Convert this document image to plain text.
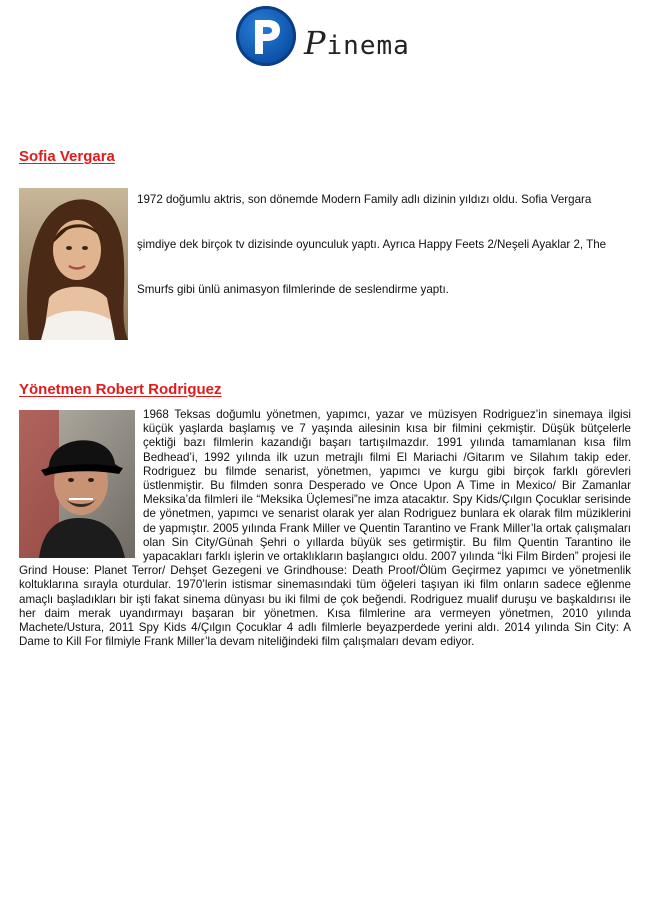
Pinema
Sofia Vergara
1972 doğumlu aktris, son dönemde Modern Family adlı dizinin yıldızı oldu. Sofia Vergara
şimdiye dek birçok tv dizisinde oyunculuk yaptı. Ayrıca Happy Feets 2/Neşeli Ayaklar 2, The
Smurfs gibi ünlü animasyon filmlerinde de seslendirme yaptı.
Yönetmen Robert Rodriguez

1968 Teksas doğumlu yönetmen, yapımcı, yazar ve müzisyen Rodriguez’in sinemaya ilgisi küçük yaşlarda başlamış ve 7 yaşında ailesinin kısa bir filmini çekmiştir. Düşük bütçelerle çektiği bazı filmlerin kazandığı başarı tartışılmazdır. 1991 yılında tamamlanan kısa film Bedhead’i, 1992 yılında ilk uzun metrajlı filmi El Mariachi /Gitarım ve Silahım takip eder. Rodriguez bu filmde senarist, yönetmen, yapımcı ve kurgu gibi birçok farklı görevleri üstlenmiştir. Bu filmden sonra Desperado ve Once Upon A Time in Mexico/ Bir Zamanlar Meksika’da filmleri ile “Meksika Üçlemesi”ne imza atacaktır. Spy Kids/Çılgın Çocuklar serisinde de yönetmen, yapımcı ve senarist olarak yer alan Rodriguez bunlara ek olarak film müziklerini de yapmıştır. 2005 yılında Frank Miller ve Quentin Tarantino ve Frank Miller’la ortak çalışmaları olan Sin City/Günah Şehri o yıllarda büyük ses getirmiştir. Bu film Quentin Tarantino ile yapacakları farklı işlerin ve ortaklıkların başlangıcı oldu. 2007 yılında “İki Film Birden” projesi ile Grind House: Planet Terror/ Dehşet Gezegeni ve Grindhouse: Death Proof/Ölüm Geçirmez yapımcı ve yönetmenlik koltuklarına sırayla oturdular. 1970’lerin istismar sinemasındaki tüm öğeleri taşıyan iki film onların sadece eğlenme amaçlı başladıkları bir işti fakat sinema dünyası bu iki filmi de çok beğendi. Rodriguez mualif duruşu ve başkaldırısı ile her daim merak uyandırmayı başaran bir yönetmen. Kısa filmlerine ara vermeyen yönetmen, 2010 yılında Machete/Ustura, 2011 Spy Kids 4/Çılgın Çocuklar 4 adlı filmlerle beyazperdede yerini aldı. 2014 yılında Sin City: A Dame to Kill For filmiyle Frank Miller’la devam niteliğindeki film çalışmaları devam ediyor.
